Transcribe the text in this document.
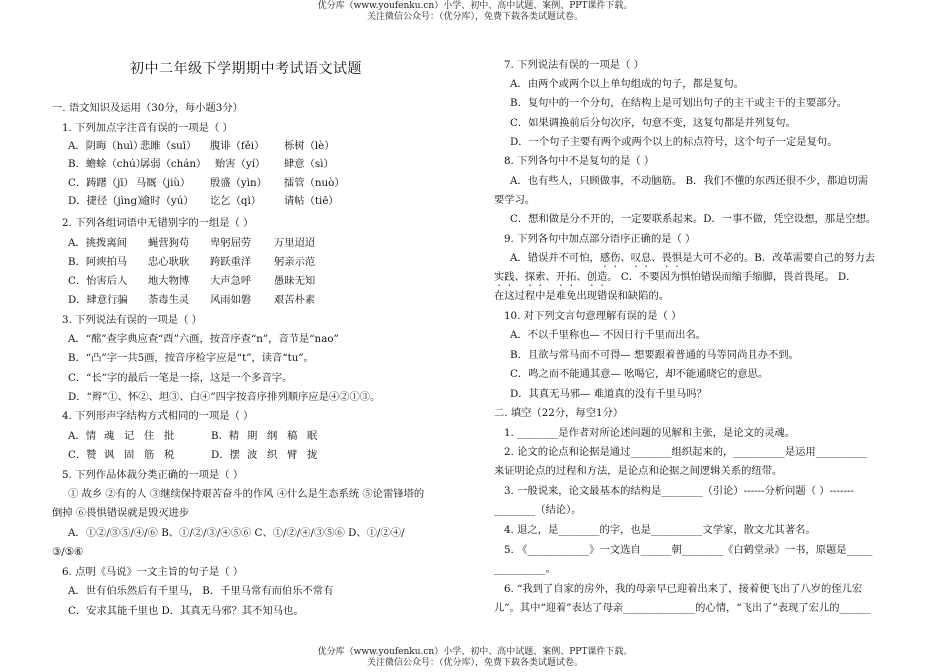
优分库（www.youfenku.cn）小学、初中、高中试题、案例、PPT课件下载。
关注微信公众号：（优分库），免费下载各类试题试卷。
初中二年级下学期期中考试语文试题
一. 语文知识及运用（30分，每小题3分）
1. 下列加点字注音有误的一项是（ ）
A．阴晦（huì）悲雎（suī） 腹诽（fěi） 栎树（lè）
B．蟾蜍（chú）孱弱（chán） 贻害（yí） 肆意（sì）
C．踌躇（jī） 马厩（jiù） 殷盛（yìn） 擂管（nuò）
D．捷径（jìng）逾时（yú） 讫乞（qì） 请帖（tiē）
2. 下列各组词语中无错别字的一组是（ ）
A．挑拨离间 蝇营狗苟 卑躬屈劳 万里迢迢
B．阿谀拍马 忠心耿耿 跨跃重洋 躬亲示范
C．怡害后人 地大物博 大声急呼 愚昧无知
D．肆意行骗 荼毒生灵 风雨如磐 艰苦朴素
3. 下列说法有误的一项是（ ）
A．“酩”查字典应查“酉”六画，按音序查“n”，音节是“nao”
B．“凸”字一共5画，按音序检字应是“t”，读音“tu”。
C．“长”字的最后一笔是一捺，这是一个多音字。
D．“辫”①、怀②、坦③、白④”四字按音序排列顺序应是④②①③。
4. 下列形声字结构方式相同的一项是（ ）
A．情 魂 记 住 批	B．精 期 纲 稿 眠
C．赞 讽 固 筋 税	D．摆 波 织 臂 拢
5. 下列作品体裁分类正确的一项是（ ）
① 故乡 ②有的人 ③继续保持艰苦奋斗的作风 ④什么是生态系统 ⑤论雷锋塔的
倒掉 ⑥畏惧错误就是毁灭进步
A．①②/③⑤/④/⑥ B、①/②/③/④⑤⑥ C、①/②/④/③⑤⑥ D、①/②④/
③/⑤⑥
6. 点明《马说》一文主旨的句子是（ ）
A．世有伯乐然后有千里马， B．千里马常有而伯乐不常有
C．安求其能千里也 D．其真无马邪？其不知马也。
7. 下列说法有误的一项是（ ）
A．由两个或两个以上单句组成的句子，都是复句。
B．复句中的一个分句，在结构上是可划出句子的主干或主干的主要部分。
C．如果调换前后分句次序，句意不变，这复句都是并列复句。
D．一个句子主要有两个或两个以上的标点符号，这个句子一定是复句。
8. 下列各句中不是复句的是（ ）
A．也有些人，只顾做事，不动脑筋。 B．我们不懂的东西还很不少，都迫切需
要学习。
C．想和做是分不开的，一定要联系起来。D．一事不做，凭空设想，那是空想。
9. 下列各句中加点部分语序正确的是（ ）
A．错误并不可怕，感伤、叹息、畏惧是大可不必的。B．改革需要自己的努力去
实践、探索、开拓、创造。 C．不要因为惧怕错误而缩手缩脚，畏首畏尾。 D．
在这过程中是难免出现错误和缺陷的。
10. 对下列文言句意理解有误的是（ ）
A．不以千里称也— 不因日行千里而出名。
B．且欲与常马而不可得— 想要跟着普通的马等同尚且办不到。
C．鸣之而不能通其意— 吆喝它，却不能通晓它的意思。
D．其真无马邪— 难道真的没有千里马吗？
二. 填空（22分，每空1分）
1. ________是作者对所论述问题的见解和主张，是论文的灵魂。
2. 论文的论点和论据是通过________组织起来的，__________是运用__________
来证明论点的过程和方法，是论点和论据之间逻辑关系的纽带。
3. 一般说来，论文最基本的结构是________（引论）------分析问题（ ）-------
________（结论）。
4. 退之，是________的字，也是__________文学家，散文尤其著名。
5. 《____________》一文选自______朝________《白鹤堂录》一书，原题是_____
__________。
6. “我到了自家的房外，我的母亲早已迎着出来了，接着便飞出了八岁的侄儿宏
儿”。其中“迎着”表达了母亲______________的心情，“飞出了”表现了宏儿的______
优分库（www.youfenku.cn）小学、初中、高中试题、案例、PPT课件下载。
关注微信公众号：（优分库），免费下载各类试题试卷。
